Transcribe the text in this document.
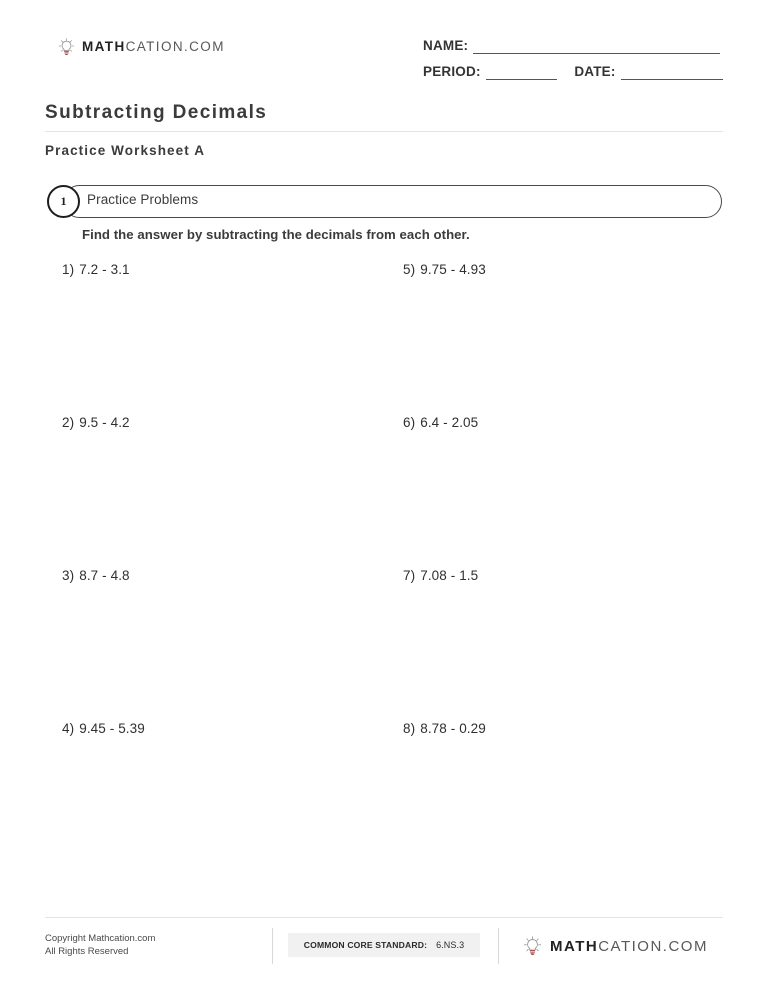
MATHCATION.COM	NAME:
PERIOD:	DATE:
Subtracting Decimals
Practice Worksheet A
Practice Problems
1
Find the answer by subtracting the decimals from each other.
1) 7.2 - 3.1
2) 9.5 - 4.2
3) 8.7 - 4.8
4) 9.45 - 5.39
5) 9.75 - 4.93
6) 6.4 - 2.05
7) 7.08 - 1.5
8) 8.78 - 0.29
Copyright Mathcation.com
All Rights Reserved
COMMON CORE STANDARD: 6.NS.3	MATHCATION.COM
